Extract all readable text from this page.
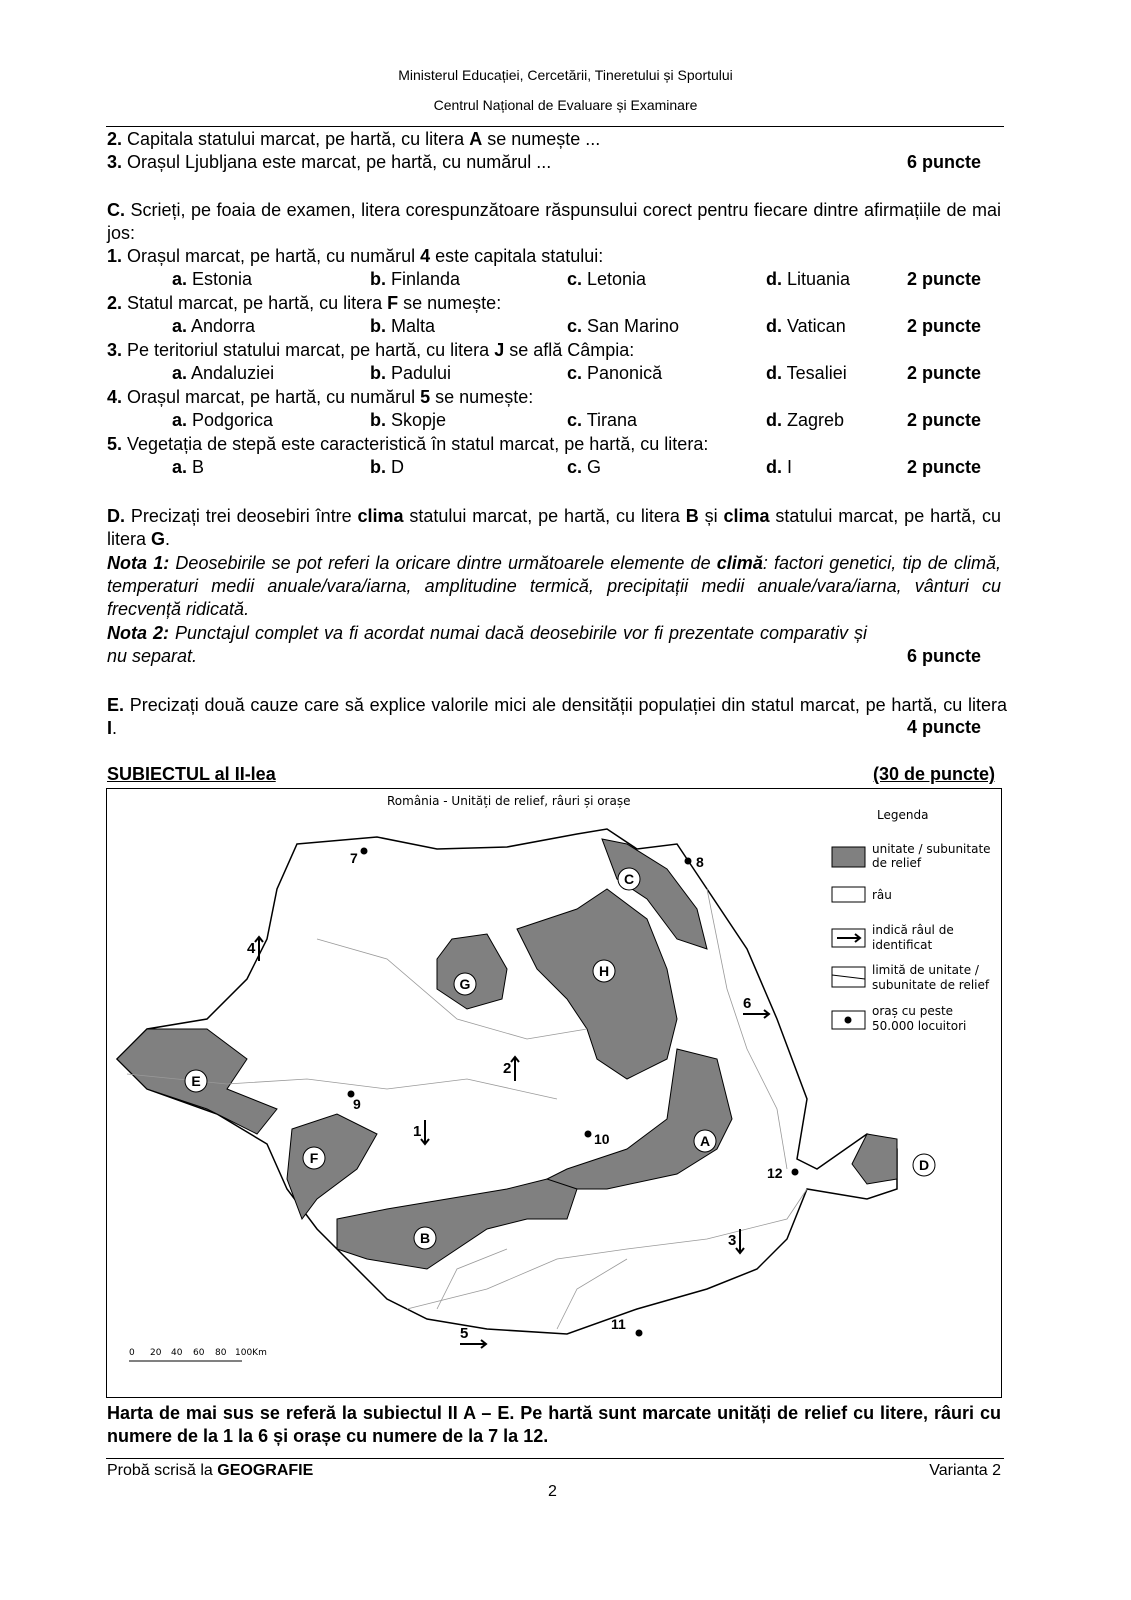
Ministerul Educației, Cercetării, Tineretului și Sportului
Centrul Național de Evaluare și Examinare
2. Capitala statului marcat, pe hartă, cu litera A se numește ...
3. Orașul Ljubljana este marcat, pe hartă, cu numărul ...	6 puncte
C. Scrieți, pe foaia de examen, litera corespunzătoare răspunsului corect pentru fiecare dintre afirmațiile de mai jos:
1. Orașul marcat, pe hartă, cu numărul 4 este capitala statului:
a. Estonia	b. Finlanda	c. Letonia	d. Lituania	2 puncte
2. Statul marcat, pe hartă, cu litera F se numește:
a. Andorra	b. Malta	c. San Marino	d. Vatican	2 puncte
3. Pe teritoriul statului marcat, pe hartă, cu litera J se află Câmpia:
a. Andaluziei	b. Padului	c. Panonică	d. Tesaliei	2 puncte
4. Orașul marcat, pe hartă, cu numărul 5 se numește:
a. Podgorica	b. Skopje	c. Tirana	d. Zagreb	2 puncte
5. Vegetația de stepă este caracteristică în statul marcat, pe hartă, cu litera:
a. B	b. D	c. G	d. I	2 puncte
D. Precizați trei deosebiri între clima statului marcat, pe hartă, cu litera B și clima statului marcat, pe hartă, cu litera G.
Nota 1: Deosebirile se pot referi la oricare dintre următoarele elemente de climă: factori genetici, tip de climă, temperaturi medii anuale/vara/iarna, amplitudine termică, precipitații medii anuale/vara/iarna, vânturi cu frecvență ridicată.
Nota 2: Punctajul complet va fi acordat numai dacă deosebirile vor fi prezentate comparativ și nu separat.	6 puncte
E. Precizați două cauze care să explice valorile mici ale densității populației din statul marcat, pe hartă, cu litera I.	4 puncte
SUBIECTUL al II-lea	(30 de puncte)
România - Unități de relief, râuri și orașe
A
B
C
D
E
F
G
H
1
2
3
4
5
6
7	8
9
10
11
12
Legenda
unitate / subunitate
de relief
râu
indică râul de
identificat
limită de unitate /
subunitate de relief
oraș cu peste
50.000 locuitori
0 20 40 60 80 100Km
Harta de mai sus se referă la subiectul II A – E. Pe hartă sunt marcate unități de relief cu litere, râuri cu numere de la 1 la 6 și orașe cu numere de la 7 la 12.
Probă scrisă la GEOGRAFIE	Varianta 2
2
